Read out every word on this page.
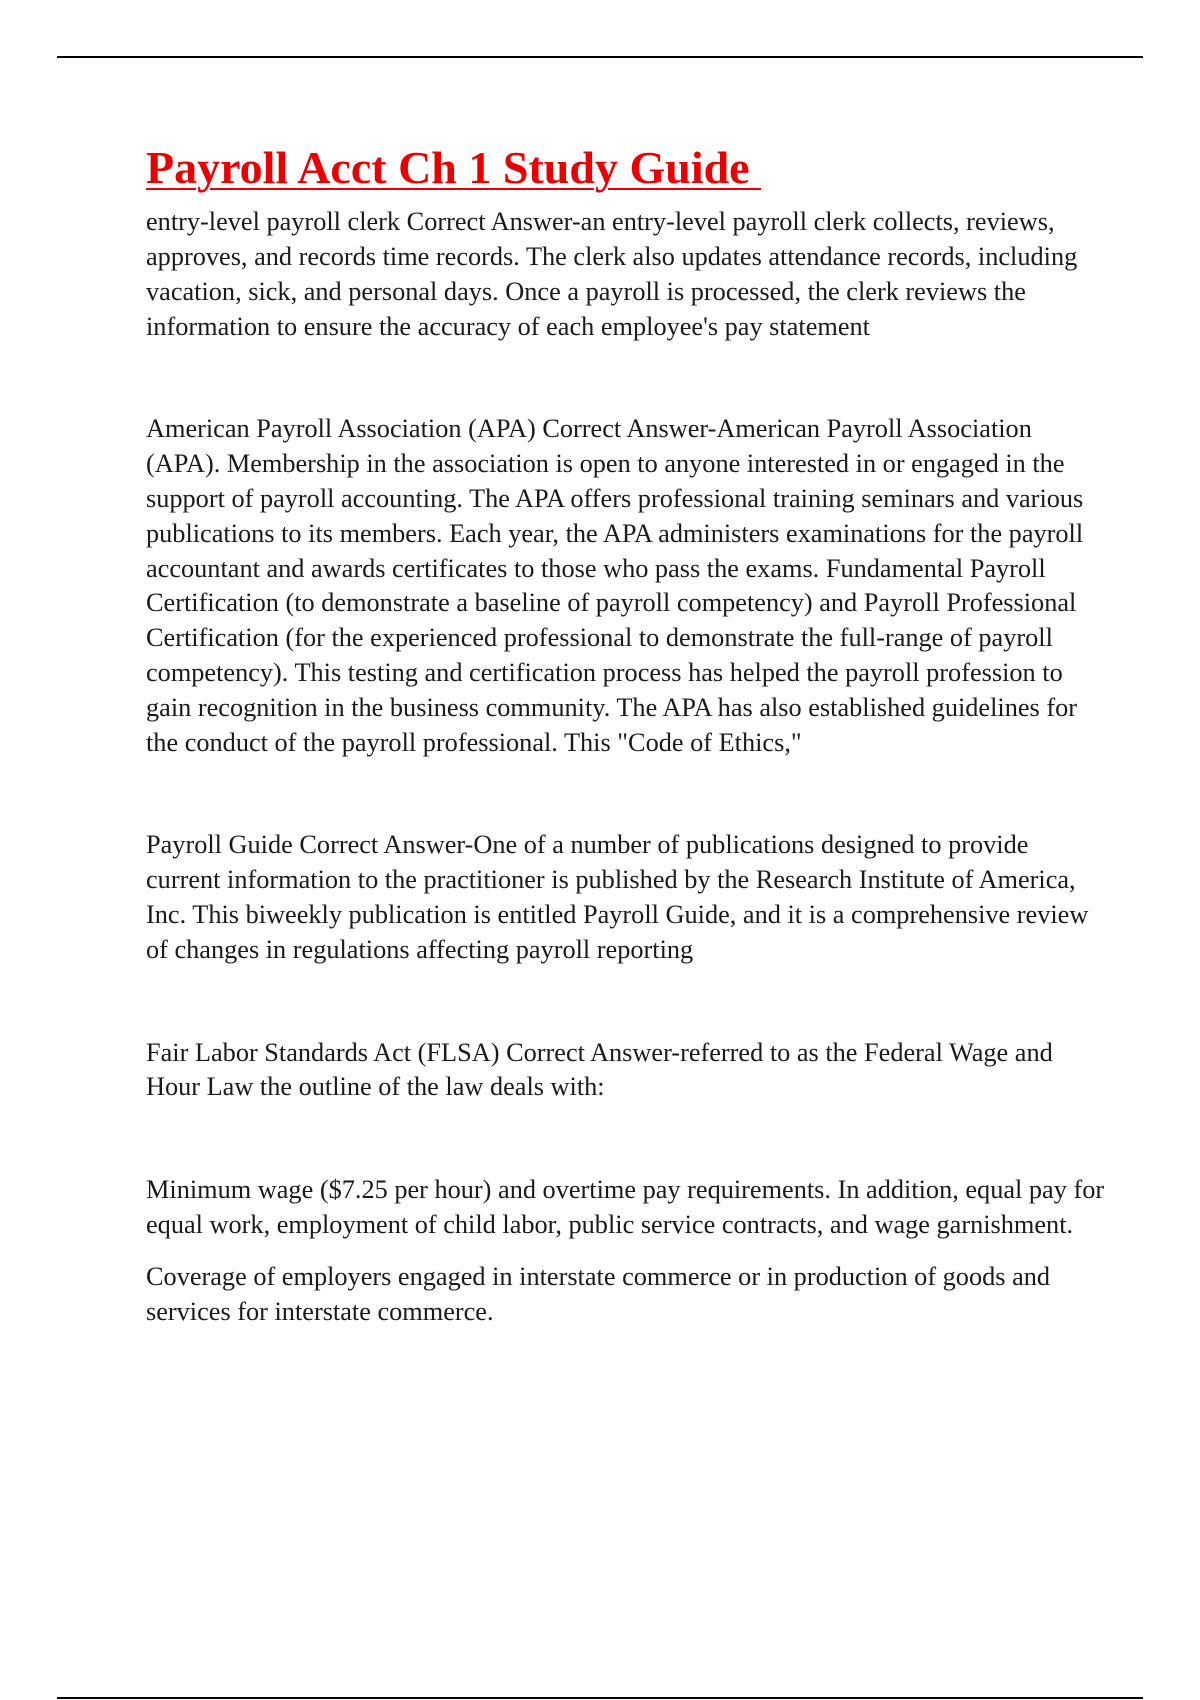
Payroll Acct Ch 1 Study Guide

entry-level payroll clerk Correct Answer-an entry-level payroll clerk collects, reviews, approves, and records time records. The clerk also updates attendance records, including vacation, sick, and personal days. Once a payroll is processed, the clerk reviews the information to ensure the accuracy of each employee's pay statement

American Payroll Association (APA) Correct Answer-American Payroll Association (APA). Membership in the association is open to anyone interested in or engaged in the support of payroll accounting. The APA offers professional training seminars and various publications to its members. Each year, the APA administers examinations for the payroll accountant and awards certificates to those who pass the exams. Fundamental Payroll Certification (to demonstrate a baseline of payroll competency) and Payroll Professional Certification (for the experienced professional to demonstrate the full-range of payroll competency). This testing and certification process has helped the payroll profession to gain recognition in the business community. The APA has also established guidelines for the conduct of the payroll professional. This "Code of Ethics,"

Payroll Guide Correct Answer-One of a number of publications designed to provide current information to the practitioner is published by the Research Institute of America, Inc. This biweekly publication is entitled Payroll Guide, and it is a comprehensive review of changes in regulations affecting payroll reporting

Fair Labor Standards Act (FLSA) Correct Answer-referred to as the Federal Wage and Hour Law the outline of the law deals with:

Minimum wage ($7.25 per hour) and overtime pay requirements. In addition, equal pay for equal work, employment of child labor, public service contracts, and wage garnishment.

Coverage of employers engaged in interstate commerce or in production of goods and services for interstate commerce.
